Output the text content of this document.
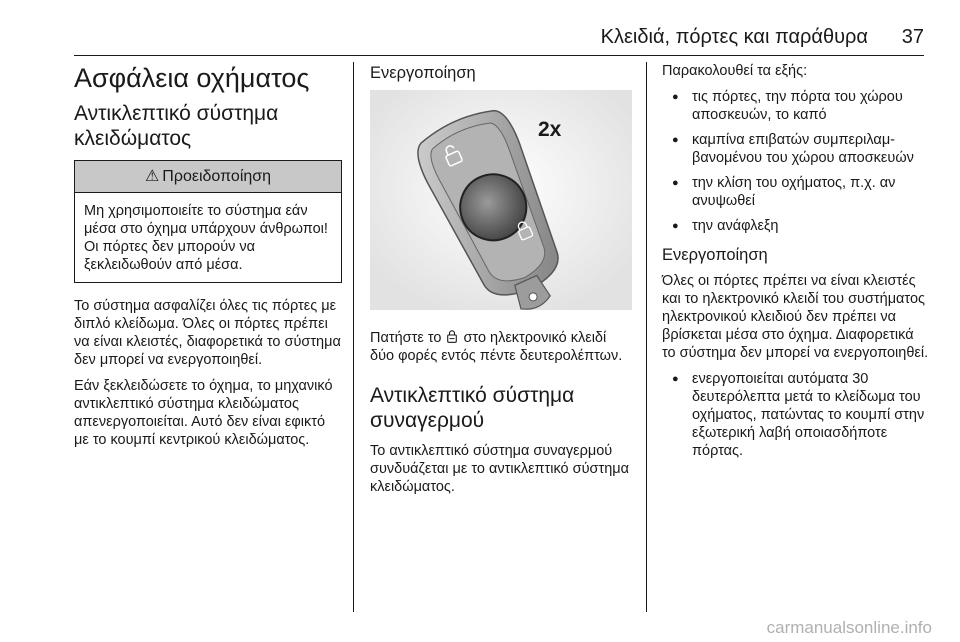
Κλειδιά, πόρτες και παράθυρα 37
Ασφάλεια οχήματος
Αντικλεπτικό σύστημα κλειδώματος
⚠ Προειδοποίηση
Μη χρησιμοποιείτε το σύστημα εάν μέσα στο όχημα υπάρχουν άνθρωποι! Οι πόρτες δεν μπορούν να ξεκλειδωθούν από μέσα.

Το σύστημα ασφαλίζει όλες τις πόρτες με διπλό κλείδωμα. Όλες οι πόρτες πρέπει να είναι κλειστές, διαφορετικά το σύστημα δεν μπορεί να ενεργοποιηθεί.

Εάν ξεκλειδώσετε το όχημα, το μηχανικό αντικλεπτικό σύστημα κλειδώματος απενεργοποιείται. Αυτό δεν είναι εφικτό με το κουμπί κεντρικού κλειδώματος.

Ενεργοποίηση
2x

Πατήστε το στο ηλεκτρονικό κλειδί δύο φορές εντός πέντε δευτερολέπτων.

Αντικλεπτικό σύστημα συναγερμού

Το αντικλεπτικό σύστημα συναγερμού συνδυάζεται με το αντικλεπτικό σύστημα κλειδώματος.

Παρακολουθεί τα εξής:

● τις πόρτες, την πόρτα του χώρου αποσκευών, το καπό
● καμπίνα επιβατών συμπεριλαμβανομένου του χώρου αποσκευών
● την κλίση του οχήματος, π.χ. αν ανυψωθεί
● την ανάφλεξη
Ενεργοποίηση

Όλες οι πόρτες πρέπει να είναι κλειστές και το ηλεκτρονικό κλειδί του συστήματος ηλεκτρονικού κλειδιού δεν πρέπει να βρίσκεται μέσα στο όχημα. Διαφορετικά το σύστημα δεν μπορεί να ενεργοποιηθεί.

● ενεργοποιείται αυτόματα 30 δευτερόλεπτα μετά το κλείδωμα του οχήματος, πατώντας το κουμπί στην εξωτερική λαβή οποιασδήποτε πόρτας.
carmanualsonline.info
